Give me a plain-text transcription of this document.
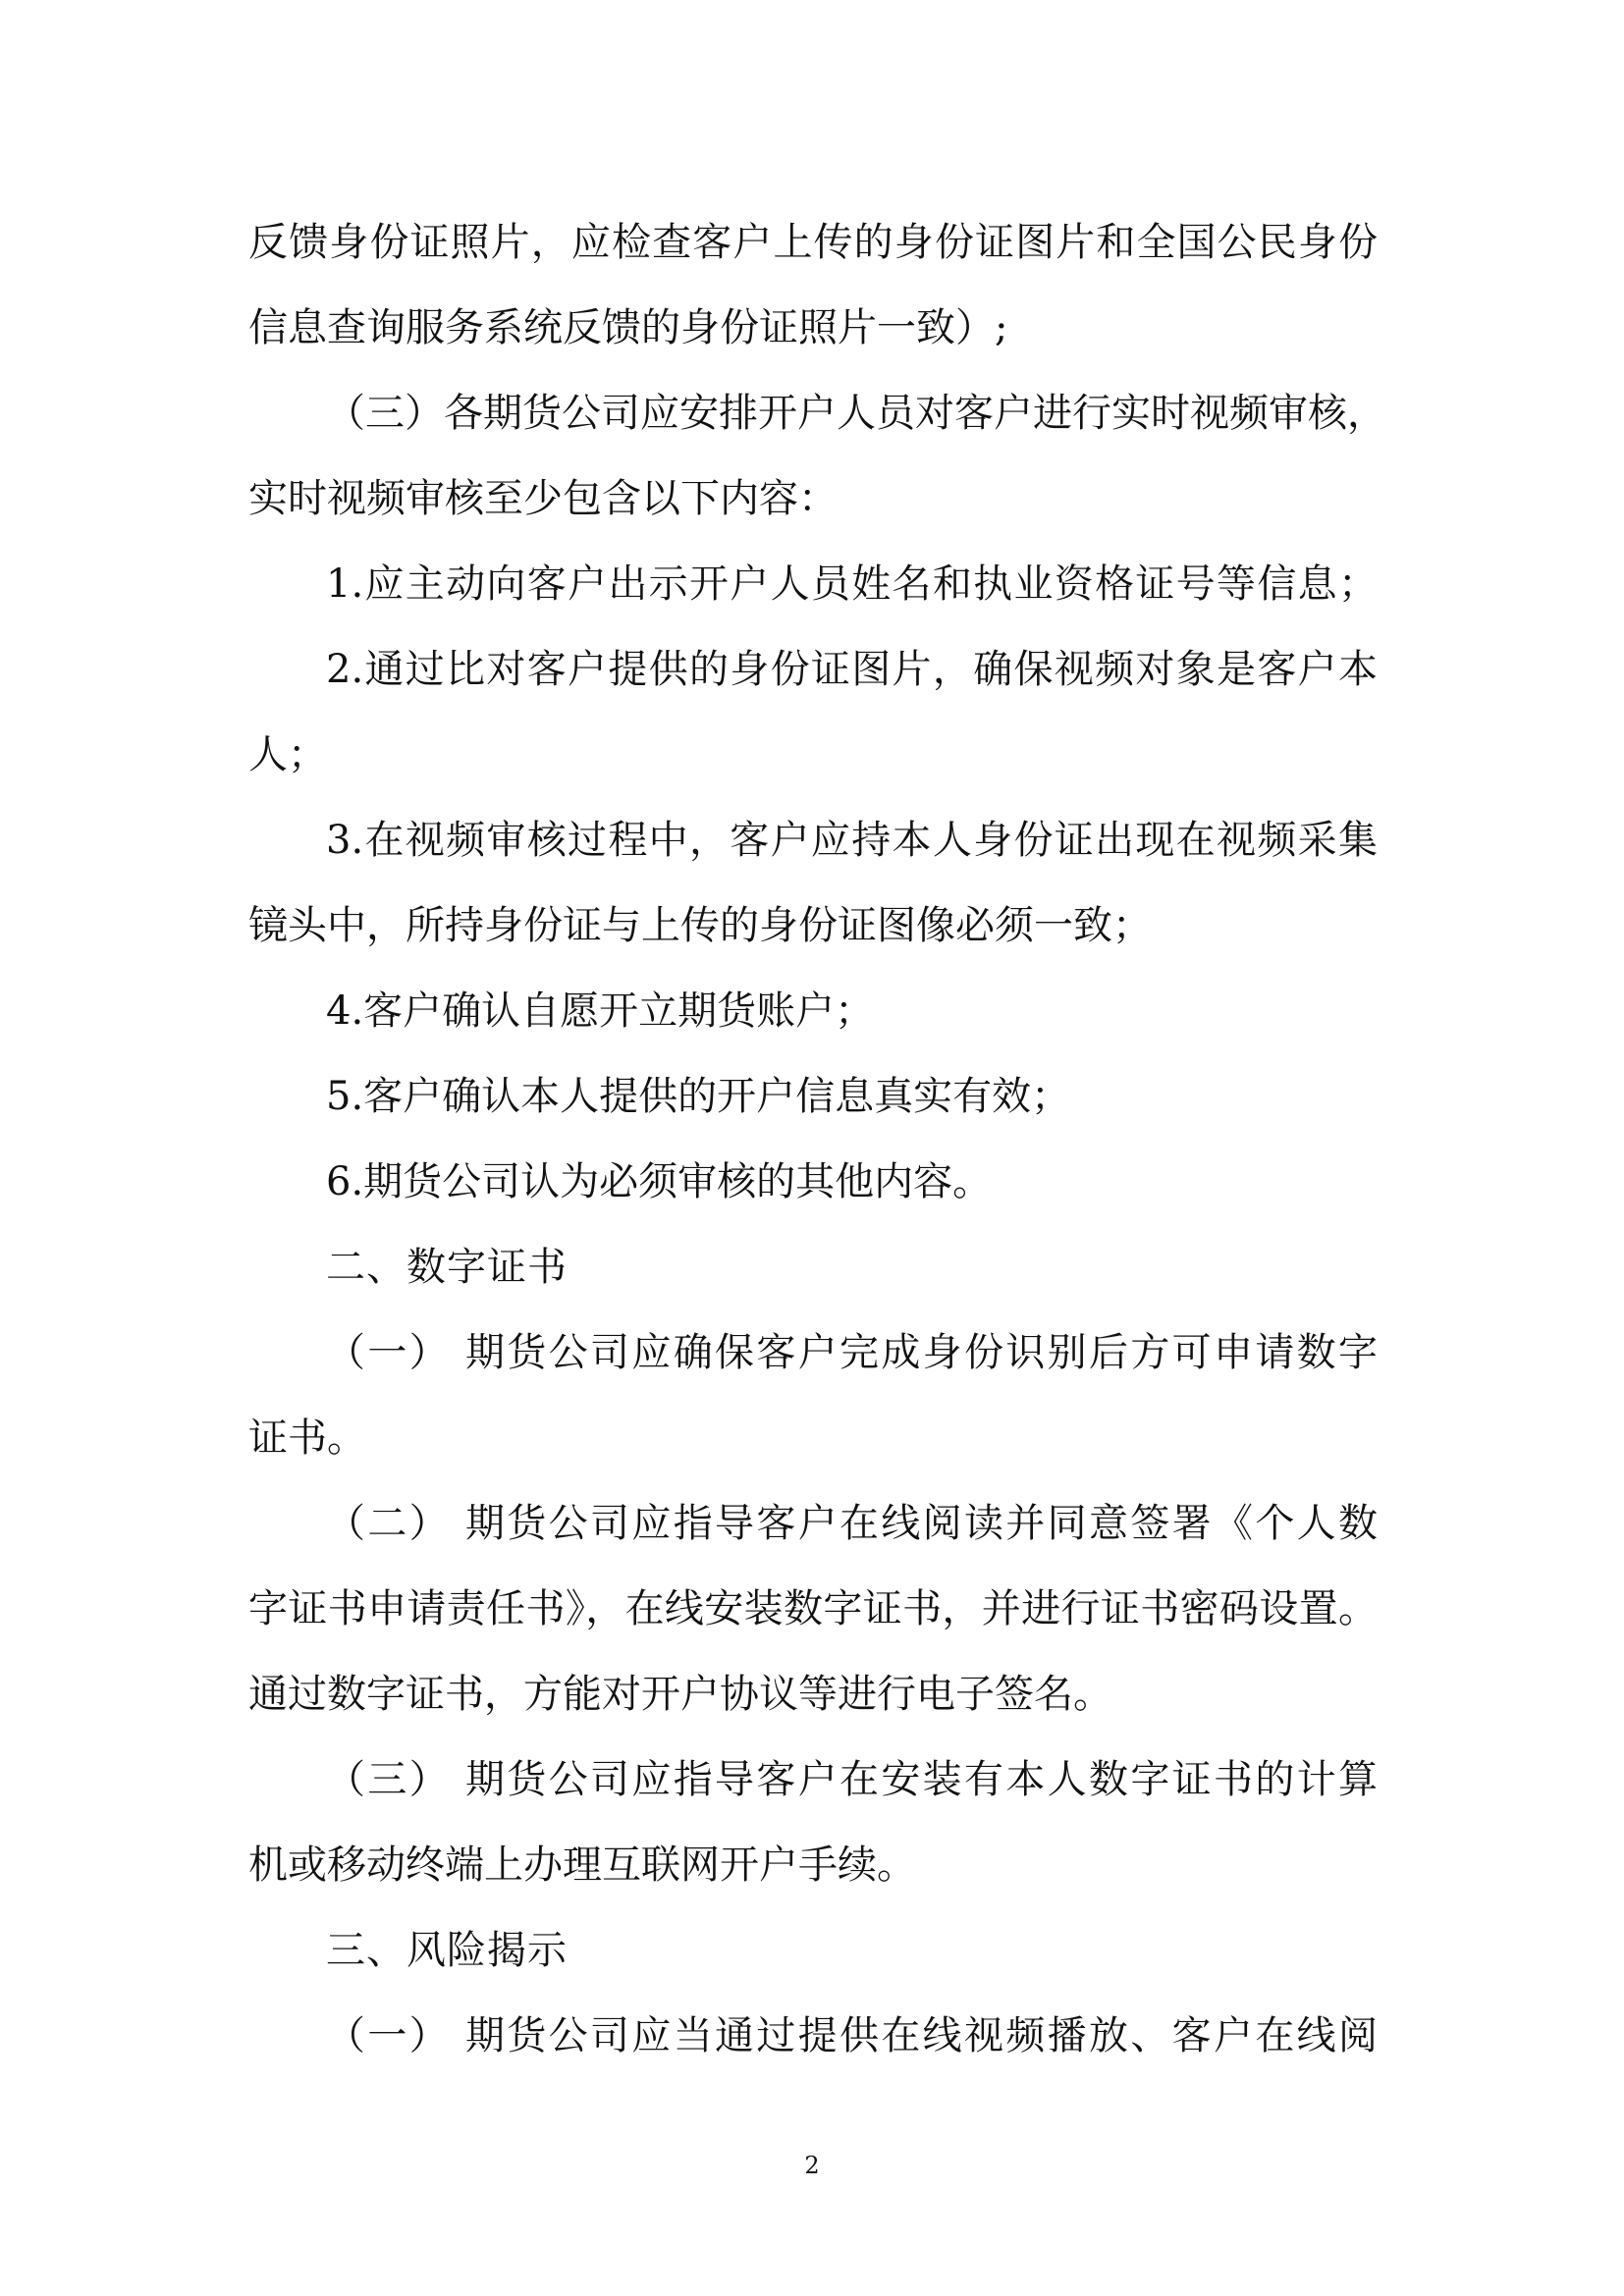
反馈身份证照片，应检查客户上传的身份证图片和全国公民身份
信息查询服务系统反馈的身份证照片一致）;
（三）各期货公司应安排开户人员对客户进行实时视频审核，
实时视频审核至少包含以下内容：
1.应主动向客户出示开户人员姓名和执业资格证号等信息；
2.通过比对客户提供的身份证图片，确保视频对象是客户本
人；
3.在视频审核过程中，客户应持本人身份证出现在视频采集
镜头中，所持身份证与上传的身份证图像必须一致；
4.客户确认自愿开立期货账户；
5.客户确认本人提供的开户信息真实有效；
6.期货公司认为必须审核的其他内容。
二、数字证书
（一） 期货公司应确保客户完成身份识别后方可申请数字
证书。
（二） 期货公司应指导客户在线阅读并同意签署《个人数
字证书申请责任书》，在线安装数字证书，并进行证书密码设置。
通过数字证书，方能对开户协议等进行电子签名。
（三） 期货公司应指导客户在安装有本人数字证书的计算
机或移动终端上办理互联网开户手续。
三、风险揭示
（一） 期货公司应当通过提供在线视频播放、客户在线阅
2
